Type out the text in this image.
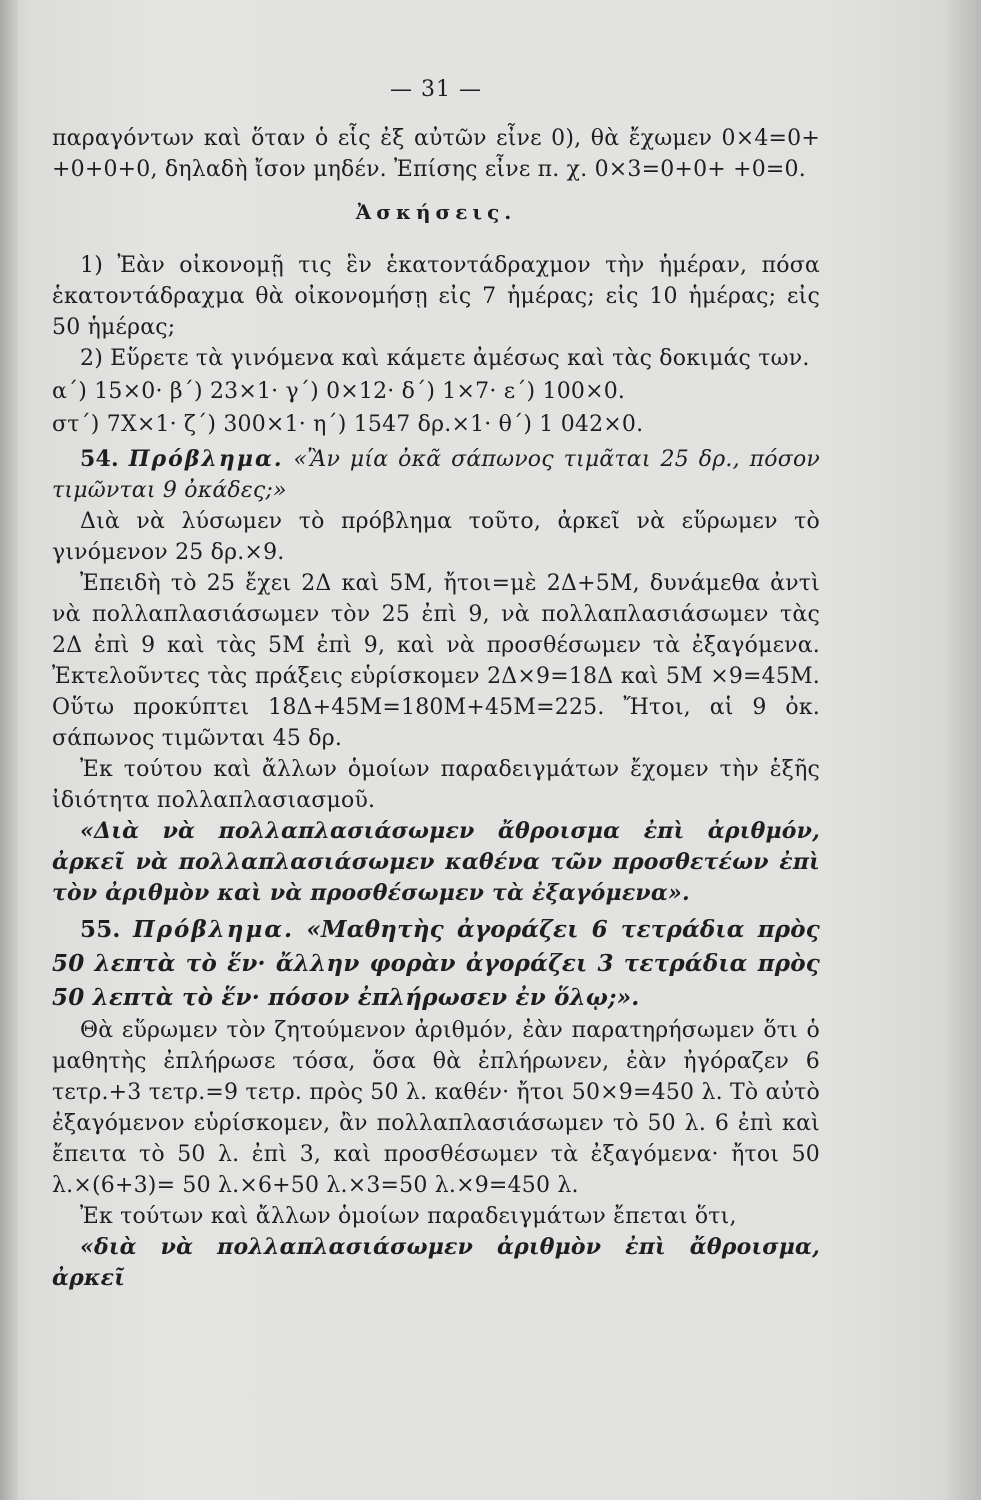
— 31 —

παραγόντων καὶ ὅταν ὁ εἷς ἐξ αὐτῶν εἶνε 0), θὰ ἔχωμεν 0×4=0+ +0+0+0, δηλαδὴ ἴσον μηδέν. Ἐπίσης εἶνε π. χ. 0×3=0+0+ +0=0.

Ἀσκήσεις.

1) Ἐὰν οἰκονομῇ τις ἓν ἑκατοντάδραχμον τὴν ἡμέραν, πόσα ἑκατοντάδραχμα θὰ οἰκονομήσῃ εἰς 7 ἡμέρας; εἰς 10 ἡμέρας; εἰς 50 ἡμέρας;

2) Εὕρετε τὰ γινόμενα καὶ κάμετε ἀμέσως καὶ τὰς δοκιμάς των.

α΄) 15×0· β΄) 23×1· γ΄) 0×12· δ΄) 1×7· ε΄) 100×0.

στ΄) 7X×1· ζ΄) 300×1· η΄) 1547 δρ.×1· θ΄) 1 042×0.

54. Πρόβλημα. «Ἂν μία ὀκᾶ σάπωνος τιμᾶται 25 δρ., πόσον τιμῶνται 9 ὀκάδες;»

Διὰ νὰ λύσωμεν τὸ πρόβλημα τοῦτο, ἀρκεῖ νὰ εὕρωμεν τὸ γινόμενον 25 δρ.×9.

Ἐπειδὴ τὸ 25 ἔχει 2Δ καὶ 5Μ, ἤτοι=μὲ 2Δ+5Μ, δυνάμεθα ἀντὶ νὰ πολλαπλασιάσωμεν τὸν 25 ἐπὶ 9, νὰ πολλαπλασιάσωμεν τὰς 2Δ ἐπὶ 9 καὶ τὰς 5Μ ἐπὶ 9, καὶ νὰ προσθέσωμεν τὰ ἐξαγόμενα. Ἐκτελοῦντες τὰς πράξεις εὑρίσκομεν 2Δ×9=18Δ καὶ 5Μ ×9=45Μ. Οὕτω προκύπτει 18Δ+45Μ=180Μ+45Μ=225. Ἤτοι, αἱ 9 ὀκ. σάπωνος τιμῶνται 45 δρ.

Ἐκ τούτου καὶ ἄλλων ὁμοίων παραδειγμάτων ἔχομεν τὴν ἑξῆς ἰδιότητα πολλαπλασιασμοῦ.

«Διὰ νὰ πολλαπλασιάσωμεν ἄθροισμα ἐπὶ ἀριθμόν, ἀρκεῖ νὰ πολλαπλασιάσωμεν καθένα τῶν προσθετέων ἐπὶ τὸν ἀριθμὸν καὶ νὰ προσθέσωμεν τὰ ἐξαγόμενα».

55. Πρόβλημα. «Μαθητὴς ἀγοράζει 6 τετράδια πρὸς 50 λεπτὰ τὸ ἕν· ἄλλην φορὰν ἀγοράζει 3 τετράδια πρὸς 50 λεπτὰ τὸ ἕν· πόσον ἐπλήρωσεν ἐν ὅλῳ;».

Θὰ εὕρωμεν τὸν ζητούμενον ἀριθμόν, ἐὰν παρατηρήσωμεν ὅτι ὁ μαθητὴς ἐπλήρωσε τόσα, ὅσα θὰ ἐπλήρωνεν, ἐὰν ἠγόραζεν 6 τετρ.+3 τετρ.=9 τετρ. πρὸς 50 λ. καθέν· ἤτοι 50×9=450 λ. Τὸ αὐτὸ ἐξαγόμενον εὑρίσκομεν, ἂν πολλαπλασιάσωμεν τὸ 50 λ. 6 ἐπὶ καὶ ἔπειτα τὸ 50 λ. ἐπὶ 3, καὶ προσθέσωμεν τὰ ἐξαγόμενα· ἤτοι 50 λ.×(6+3)= 50 λ.×6+50 λ.×3=50 λ.×9=450 λ.

Ἐκ τούτων καὶ ἄλλων ὁμοίων παραδειγμάτων ἔπεται ὅτι,

«διὰ νὰ πολλαπλασιάσωμεν ἀριθμὸν ἐπὶ ἄθροισμα, ἀρκεῖ
